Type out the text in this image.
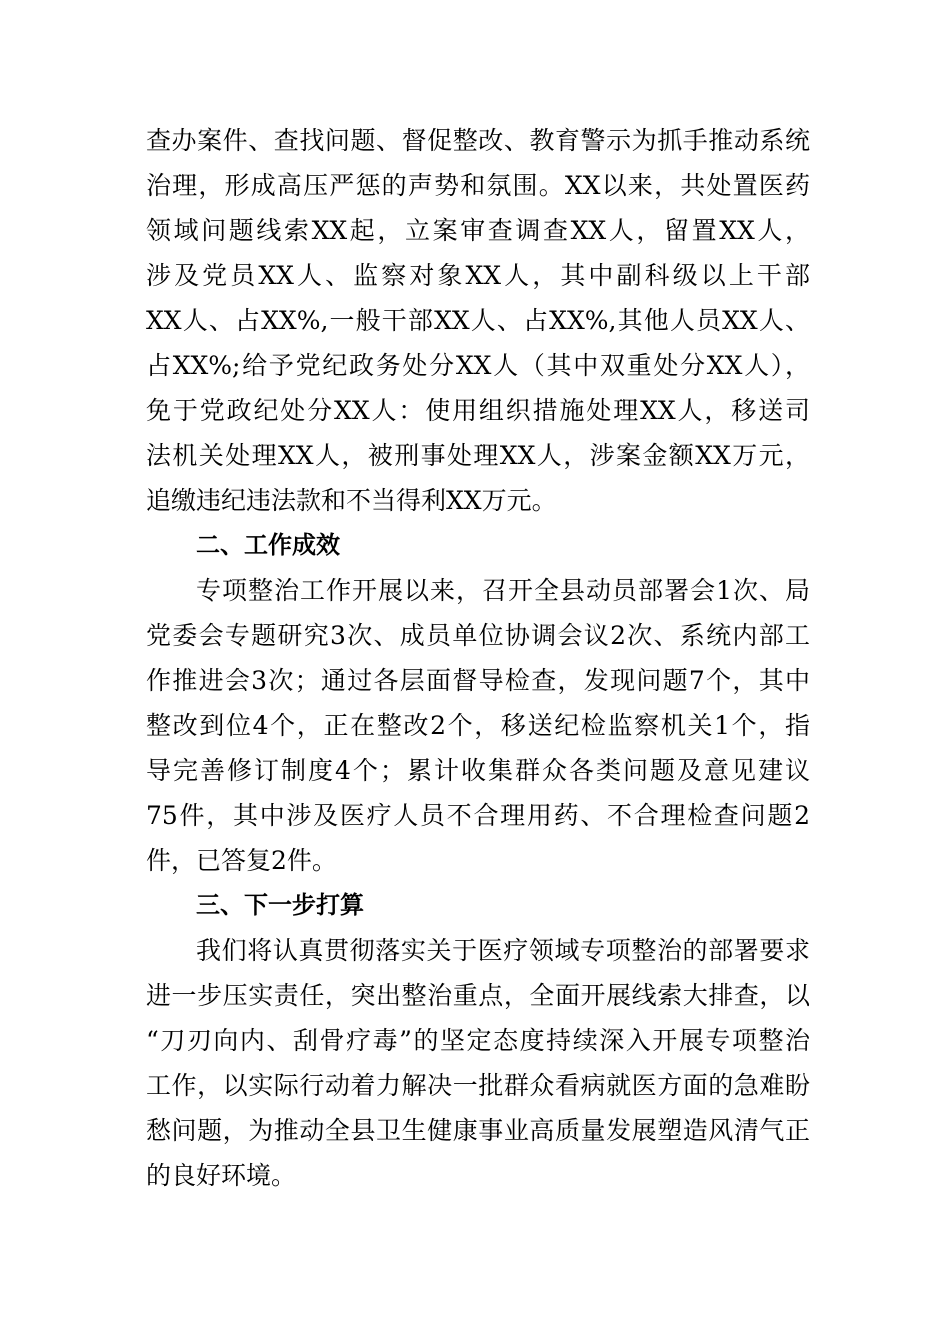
查办案件、查找问题、督促整改、教育警示为抓手推动系统
治理，形成高压严惩的声势和氛围。XX以来，共处置医药
领域问题线索XX起，立案审查调查XX人，留置XX人，
涉及党员XX人、监察对象XX人，其中副科级以上干部
XX人、占XX%,一般干部XX人、占XX%,其他人员XX人、
占XX%;给予党纪政务处分XX人（其中双重处分XX人），
免于党政纪处分XX人：使用组织措施处理XX人，移送司
法机关处理XX人，被刑事处理XX人，涉案金额XX万元，
追缴违纪违法款和不当得利XX万元。
二、工作成效
专项整治工作开展以来，召开全县动员部署会1次、局
党委会专题研究3次、成员单位协调会议2次、系统内部工
作推进会3次；通过各层面督导检查，发现问题7个，其中
整改到位4个，正在整改2个，移送纪检监察机关1个，指
导完善修订制度4个；累计收集群众各类问题及意见建议
75件，其中涉及医疗人员不合理用药、不合理检查问题2
件，已答复2件。
三、下一步打算
我们将认真贯彻落实关于医疗领域专项整治的部署要求
进一步压实责任，突出整治重点，全面开展线索大排查，以
“刀刃向内、刮骨疗毒”的坚定态度持续深入开展专项整治
工作，以实际行动着力解决一批群众看病就医方面的急难盼
愁问题，为推动全县卫生健康事业高质量发展塑造风清气正
的良好环境。
